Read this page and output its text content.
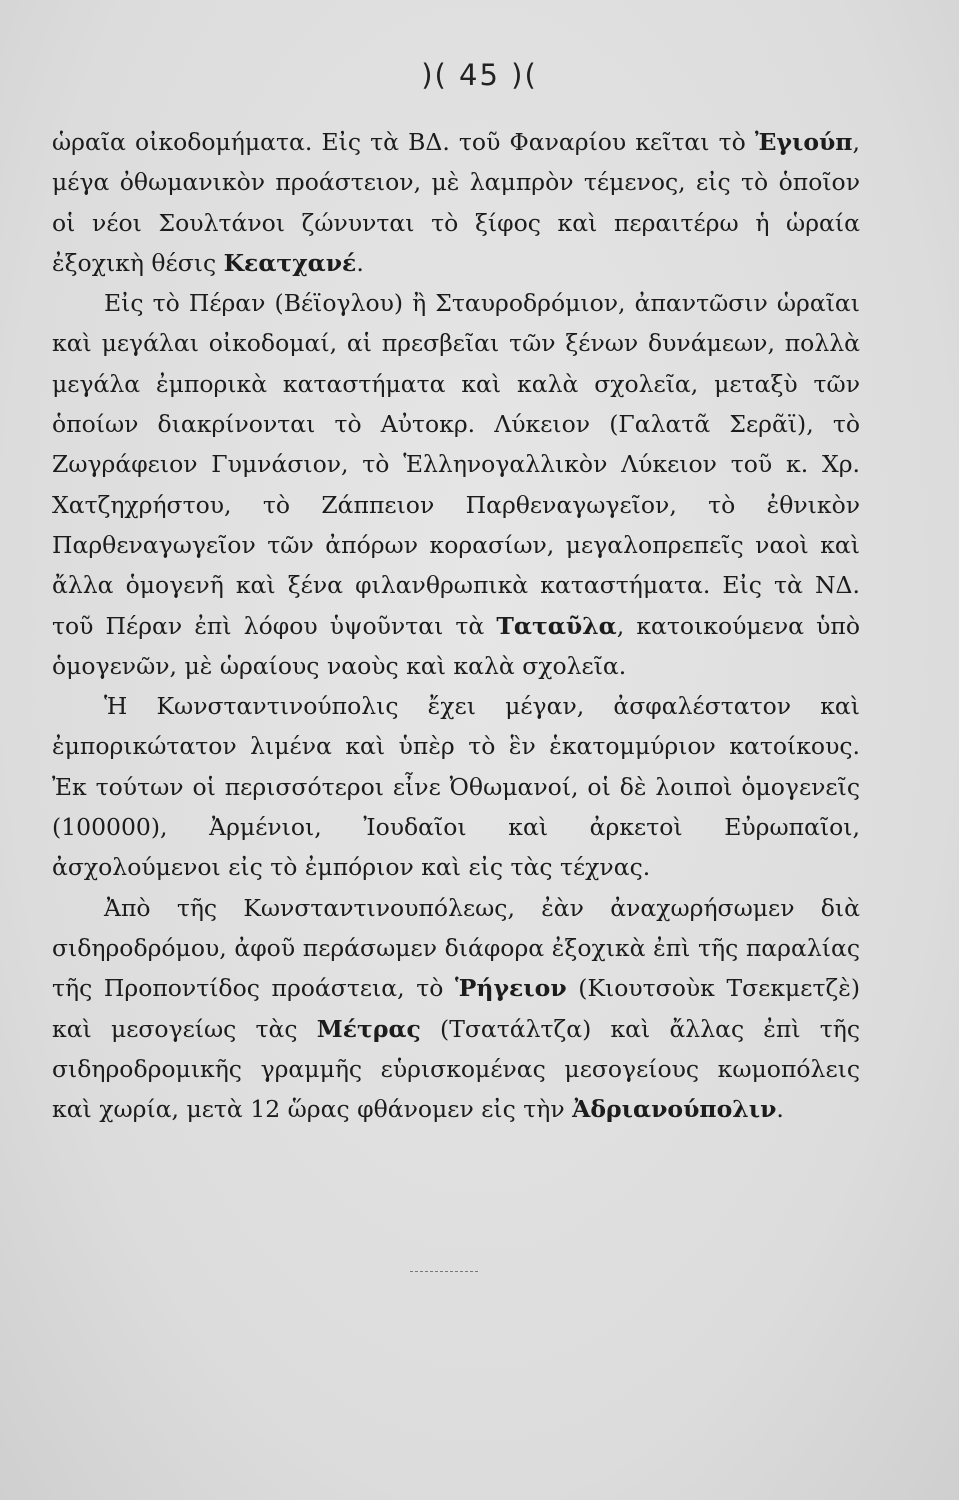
)( 45 )(

ὡραῖα οἰκοδομήματα. Εἰς τὰ ΒΔ. τοῦ Φαναρίου κεῖται τὸ Ἐγιούπ, μέγα ὀθωμανικὸν προάστειον, μὲ λαμπρὸν τέμενος, εἰς τὸ ὁποῖον οἱ νέοι Σουλτάνοι ζώνυνται τὸ ξίφος καὶ περαιτέρω ἡ ὡραία ἐξοχικὴ θέσις Κεατχανέ.

Εἰς τὸ Πέραν (Βέϊογλου) ἢ Σταυροδρόμιον, ἀπαντῶσιν ὡραῖαι καὶ μεγάλαι οἰκοδομαί, αἱ πρεσβεῖαι τῶν ξένων δυνάμεων, πολλὰ μεγάλα ἐμπορικὰ καταστήματα καὶ καλὰ σχολεῖα, μεταξὺ τῶν ὁποίων διακρίνονται τὸ Αὐτοκρ. Λύκειον (Γαλατᾶ Σερᾶϊ), τὸ Ζωγράφειον Γυμνάσιον, τὸ Ἑλληνογαλλικὸν Λύκειον τοῦ κ. Χρ. Χατζηχρήστου, τὸ Ζάππειον Παρθεναγωγεῖον, τὸ ἐθνικὸν Παρθεναγωγεῖον τῶν ἀπόρων κορασίων, μεγαλοπρεπεῖς ναοὶ καὶ ἄλλα ὁμογενῆ καὶ ξένα φιλανθρωπικὰ καταστήματα. Εἰς τὰ ΝΔ. τοῦ Πέραν ἐπὶ λόφου ὑψοῦνται τὰ Ταταῦλα, κατοικούμενα ὑπὸ ὁμογενῶν, μὲ ὡραίους ναοὺς καὶ καλὰ σχολεῖα.

Ἡ Κωνσταντινούπολις ἔχει μέγαν, ἀσφαλέστατον καὶ ἐμπορικώτατον λιμένα καὶ ὑπὲρ τὸ ἓν ἑκατομμύριον κατοίκους. Ἐκ τούτων οἱ περισσότεροι εἶνε Ὀθωμανοί, οἱ δὲ λοιποὶ ὁμογενεῖς (100000), Ἀρμένιοι, Ἰουδαῖοι καὶ ἀρκετοὶ Εὐρωπαῖοι, ἀσχολούμενοι εἰς τὸ ἐμπόριον καὶ εἰς τὰς τέχνας.

Ἀπὸ τῆς Κωνσταντινουπόλεως, ἐὰν ἀναχωρήσωμεν διὰ σιδηροδρόμου, ἀφοῦ περάσωμεν διάφορα ἐξοχικὰ ἐπὶ τῆς παραλίας τῆς Προποντίδος προάστεια, τὸ Ῥήγειον (Κιουτσοὺκ Τσεκμετζὲ) καὶ μεσογείως τὰς Μέτρας (Τσατάλτζα) καὶ ἄλλας ἐπὶ τῆς σιδηροδρομικῆς γραμμῆς εὑρισκομένας μεσογείους κωμοπόλεις καὶ χωρία, μετὰ 12 ὥρας φθάνομεν εἰς τὴν Ἀδριανούπολιν.
